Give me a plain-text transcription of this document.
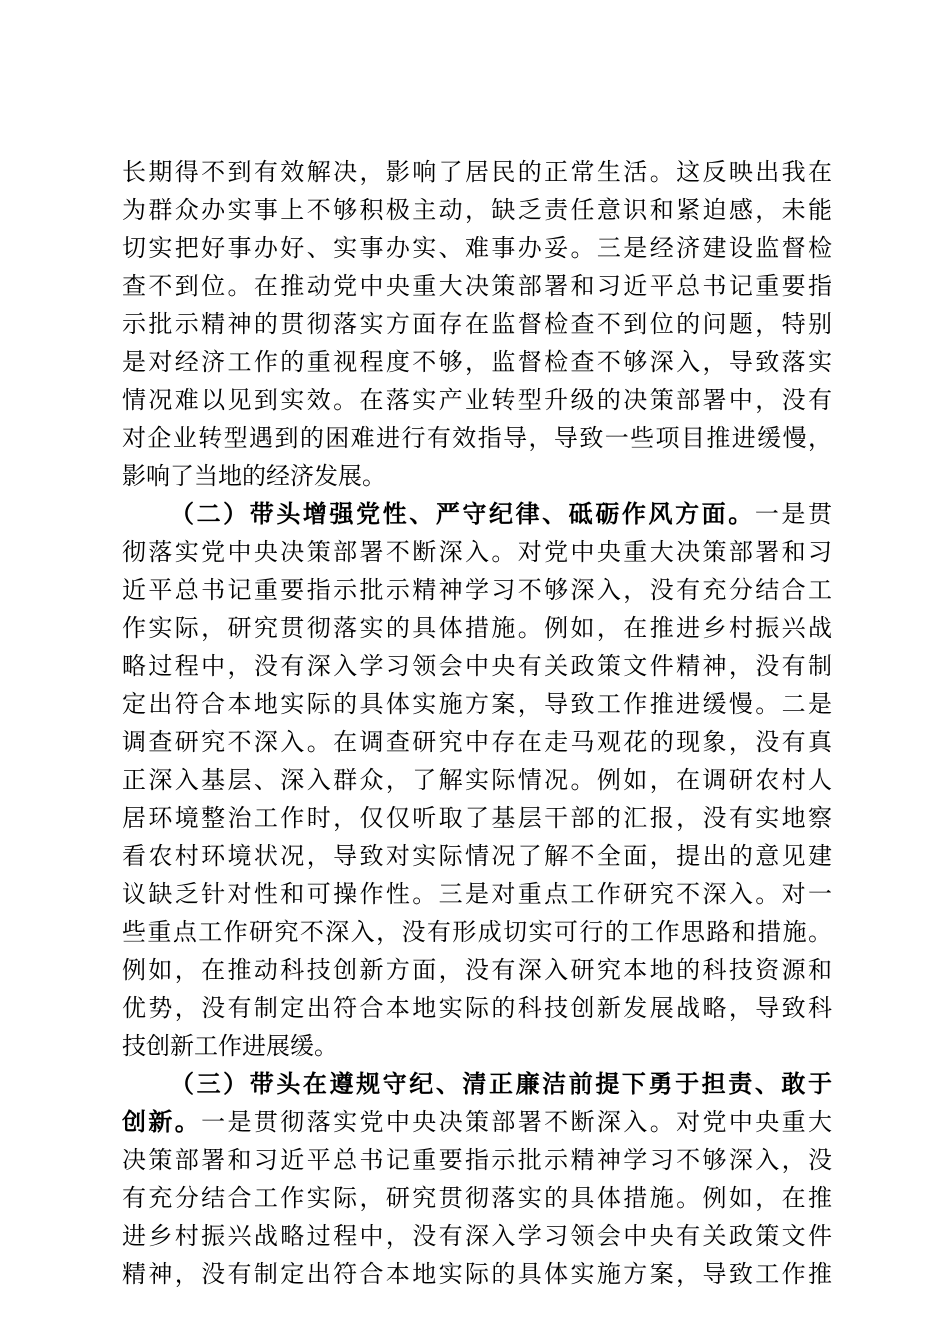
长期得不到有效解决，影响了居民的正常生活。这反映出我在
为群众办实事上不够积极主动，缺乏责任意识和紧迫感，未能
切实把好事办好、实事办实、难事办妥。三是经济建设监督检
查不到位。在推动党中央重大决策部署和习近平总书记重要指
示批示精神的贯彻落实方面存在监督检查不到位的问题，特别
是对经济工作的重视程度不够，监督检查不够深入，导致落实
情况难以见到实效。在落实产业转型升级的决策部署中，没有
对企业转型遇到的困难进行有效指导，导致一些项目推进缓慢，
影响了当地的经济发展。
（二）带头增强党性、严守纪律、砥砺作风方面。一是贯
彻落实党中央决策部署不断深入。对党中央重大决策部署和习
近平总书记重要指示批示精神学习不够深入，没有充分结合工
作实际，研究贯彻落实的具体措施。例如，在推进乡村振兴战
略过程中，没有深入学习领会中央有关政策文件精神，没有制
定出符合本地实际的具体实施方案，导致工作推进缓慢。二是
调查研究不深入。在调查研究中存在走马观花的现象，没有真
正深入基层、深入群众，了解实际情况。例如，在调研农村人
居环境整治工作时，仅仅听取了基层干部的汇报，没有实地察
看农村环境状况，导致对实际情况了解不全面，提出的意见建
议缺乏针对性和可操作性。三是对重点工作研究不深入。对一
些重点工作研究不深入，没有形成切实可行的工作思路和措施。
例如，在推动科技创新方面，没有深入研究本地的科技资源和
优势，没有制定出符合本地实际的科技创新发展战略，导致科
技创新工作进展缓。
（三）带头在遵规守纪、清正廉洁前提下勇于担责、敢于
创新。一是贯彻落实党中央决策部署不断深入。对党中央重大
决策部署和习近平总书记重要指示批示精神学习不够深入，没
有充分结合工作实际，研究贯彻落实的具体措施。例如，在推
进乡村振兴战略过程中，没有深入学习领会中央有关政策文件
精神，没有制定出符合本地实际的具体实施方案，导致工作推
